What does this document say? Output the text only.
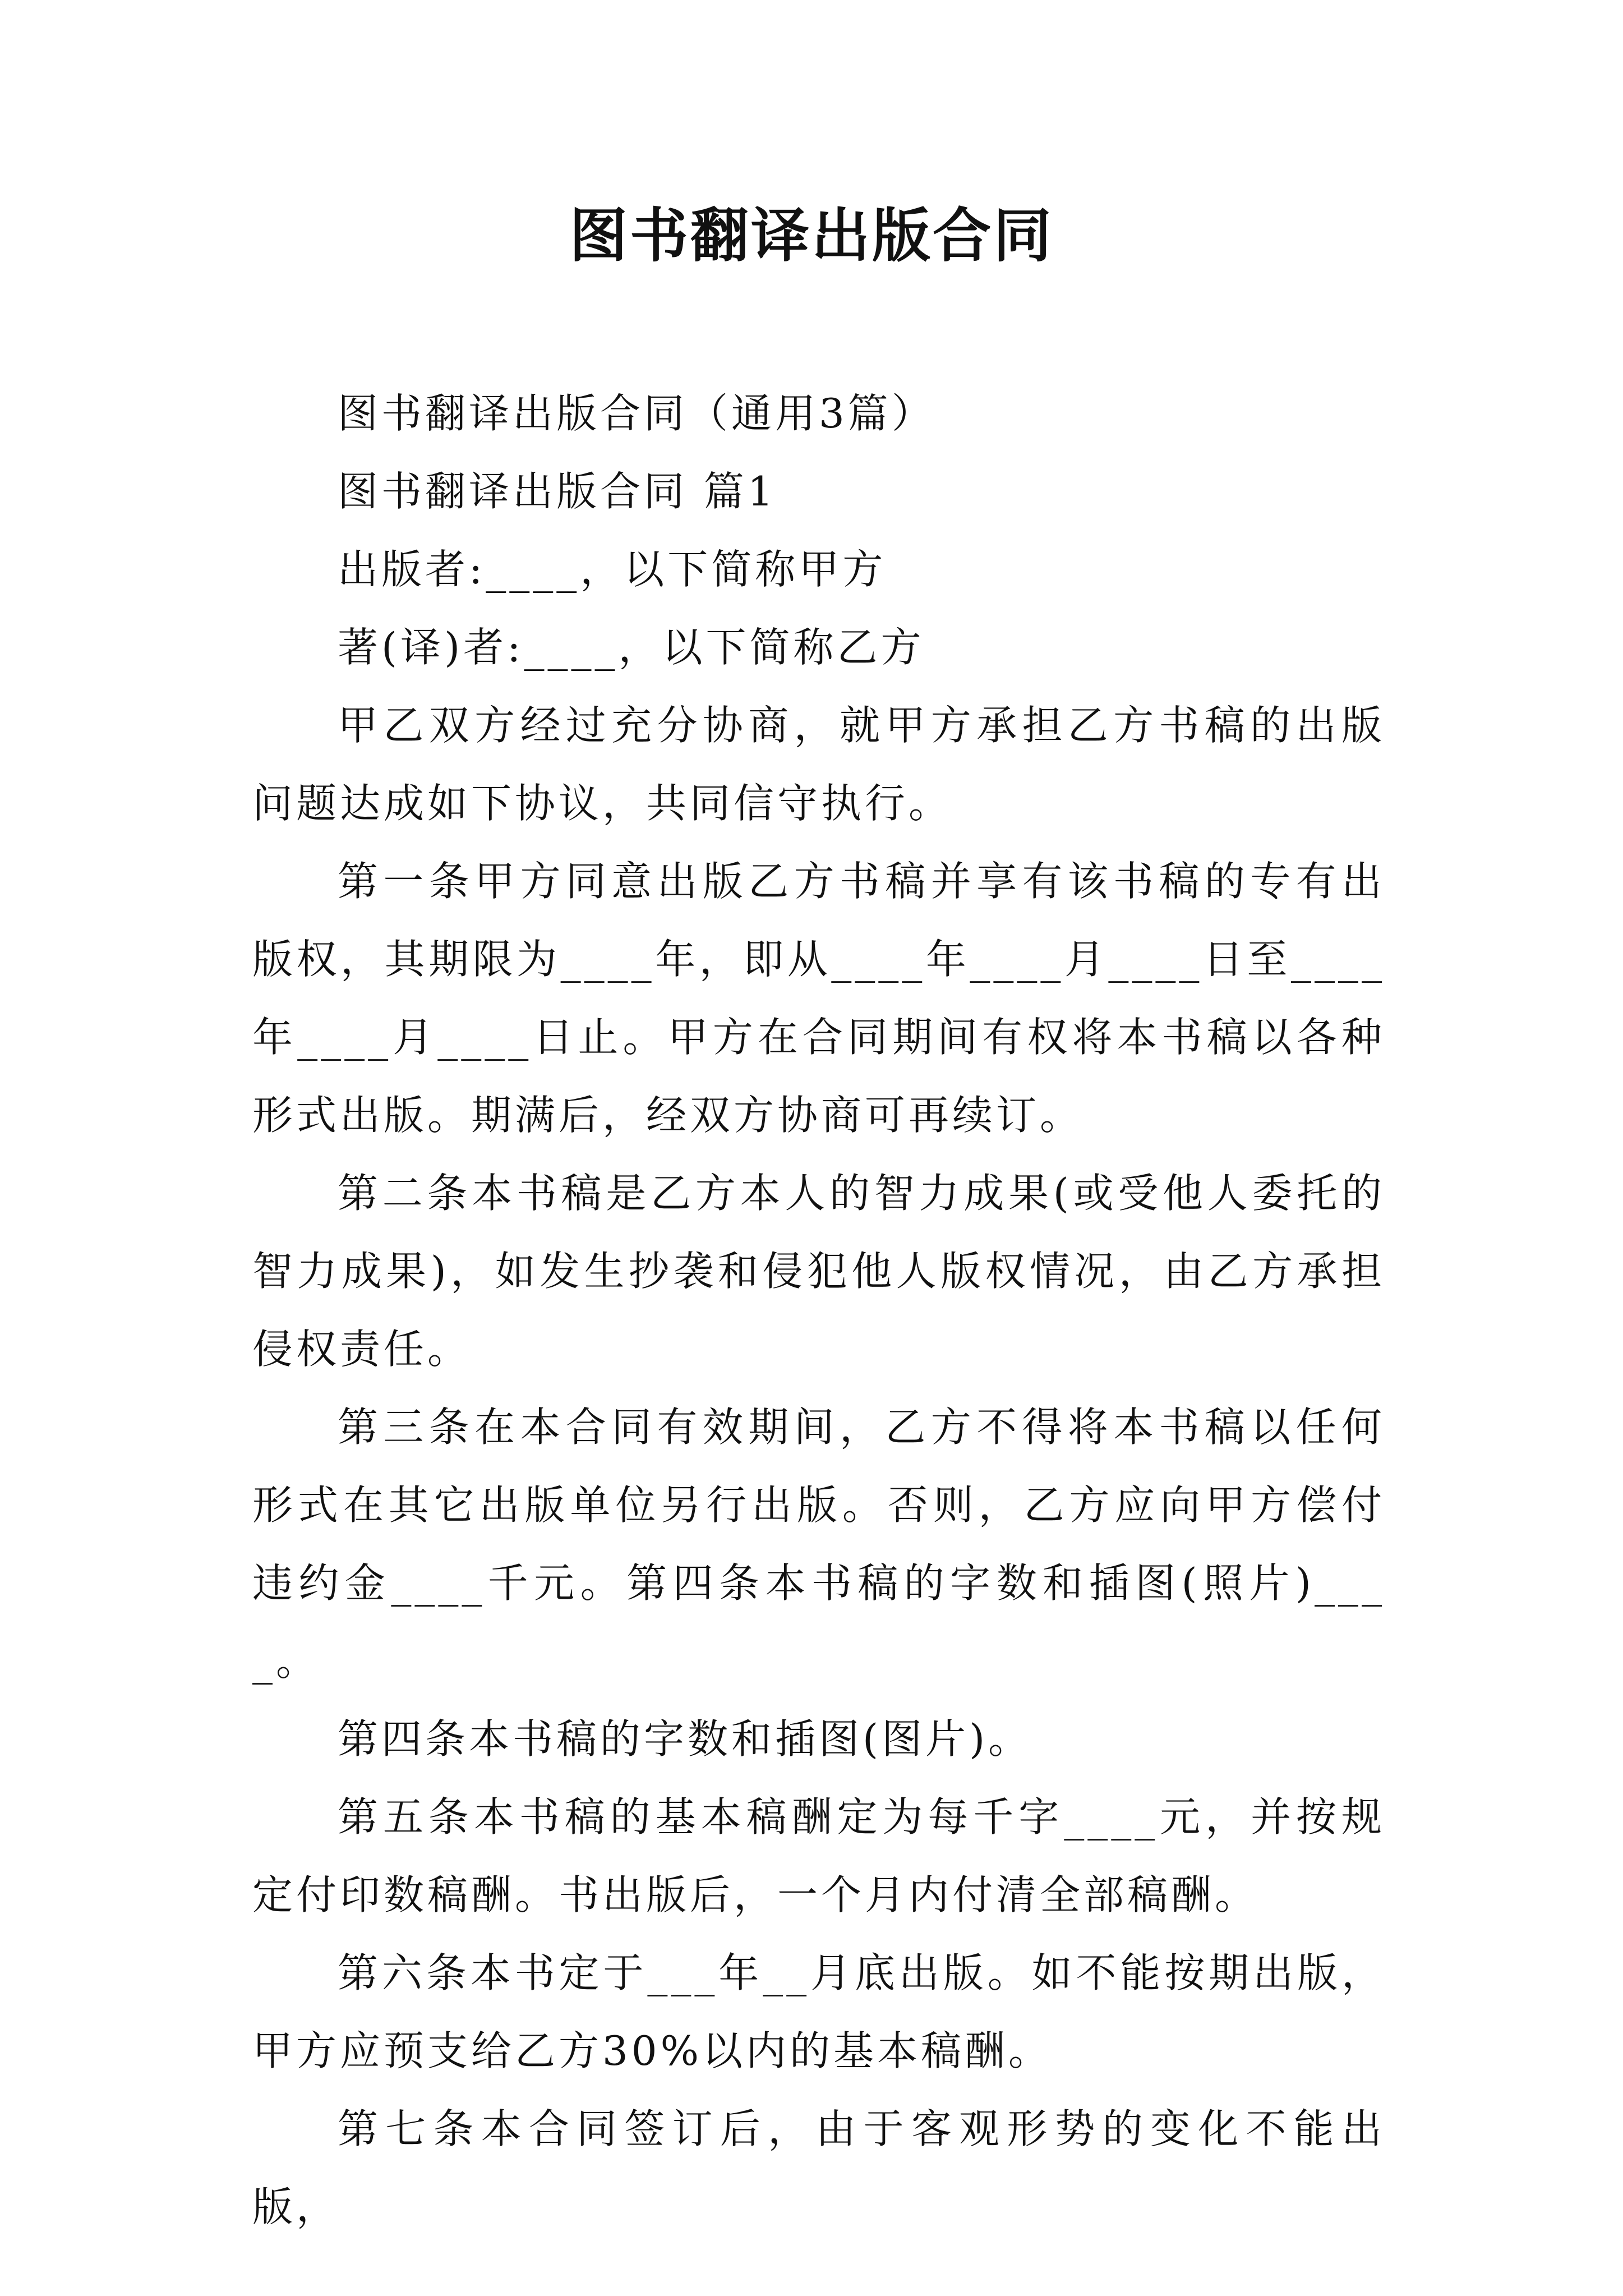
图书翻译出版合同

图书翻译出版合同（通用3篇）

图书翻译出版合同 篇1

出版者:____，以下简称甲方

著(译)者:____，以下简称乙方

甲乙双方经过充分协商，就甲方承担乙方书稿的出版问题达成如下协议，共同信守执行。

第一条甲方同意出版乙方书稿并享有该书稿的专有出版权，其期限为____年，即从____年____月____日至____年____月____日止。甲方在合同期间有权将本书稿以各种形式出版。期满后，经双方协商可再续订。

第二条本书稿是乙方本人的智力成果(或受他人委托的智力成果)，如发生抄袭和侵犯他人版权情况，由乙方承担侵权责任。

第三条在本合同有效期间，乙方不得将本书稿以任何形式在其它出版单位另行出版。否则，乙方应向甲方偿付违约金____千元。第四条本书稿的字数和插图(照片)____。

第四条本书稿的字数和插图(图片)。

第五条本书稿的基本稿酬定为每千字____元，并按规定付印数稿酬。书出版后，一个月内付清全部稿酬。

第六条本书定于___年__月底出版。如不能按期出版，甲方应预支给乙方30%以内的基本稿酬。

第七条本合同签订后，由于客观形势的变化不能出版，
